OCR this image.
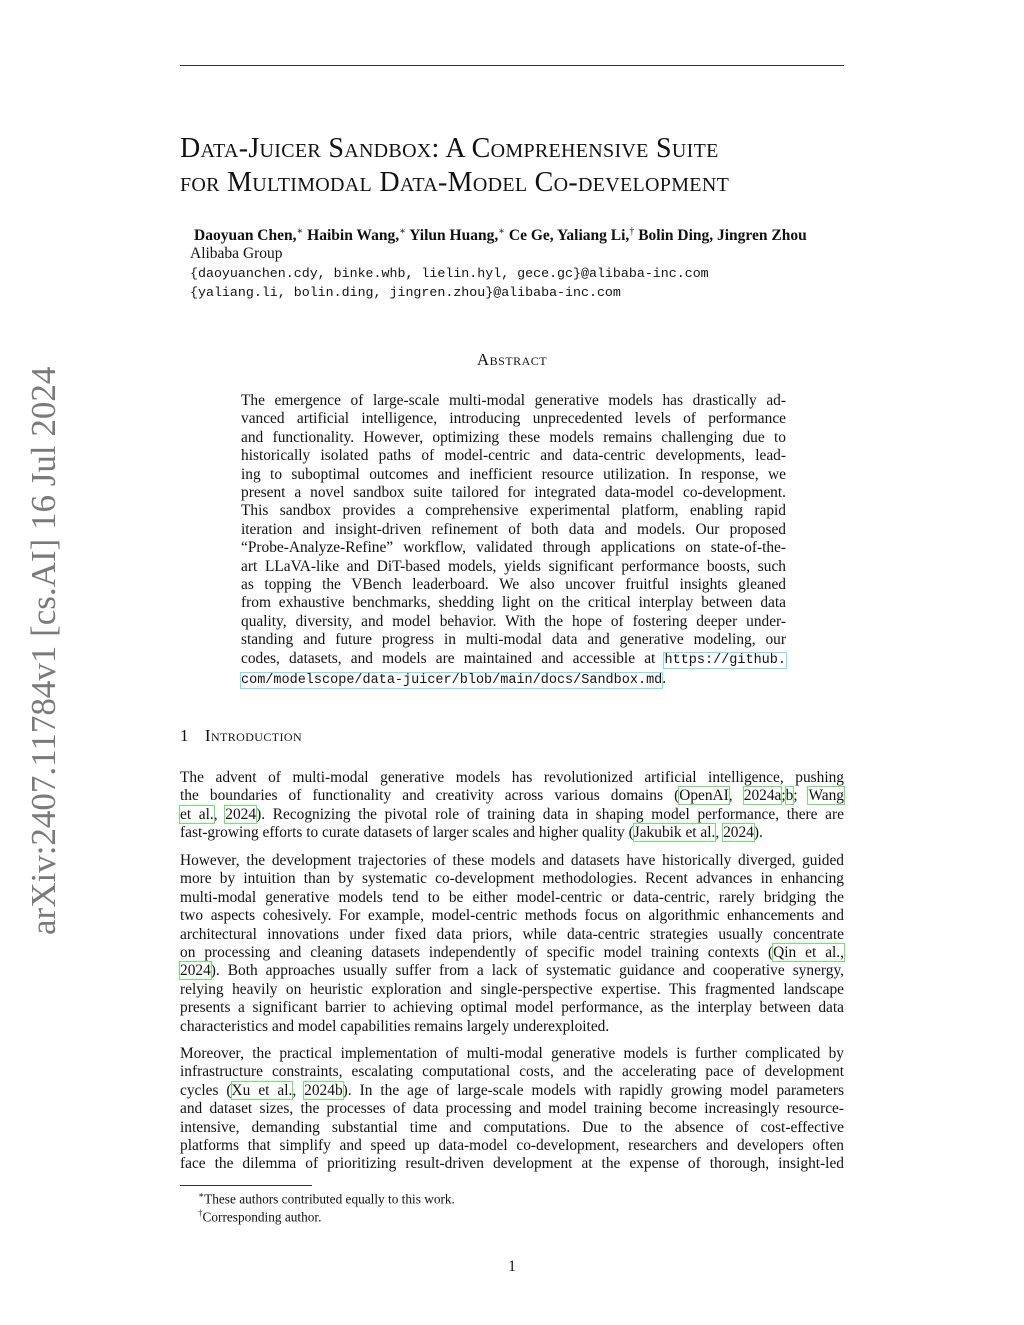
arXiv:2407.11784v1 [cs.AI] 16 Jul 2024
Data-Juicer Sandbox: A Comprehensive Suite
for Multimodal Data-Model Co-development
Daoyuan Chen,∗ Haibin Wang,∗ Yilun Huang,∗ Ce Ge, Yaliang Li,† Bolin Ding, Jingren Zhou
Alibaba Group
{daoyuanchen.cdy, binke.whb, lielin.hyl, gece.gc}@alibaba-inc.com
{yaliang.li, bolin.ding, jingren.zhou}@alibaba-inc.com
Abstract
The emergence of large-scale multi-modal generative models has drastically ad-
vanced artificial intelligence, introducing unprecedented levels of performance
and functionality. However, optimizing these models remains challenging due to
historically isolated paths of model-centric and data-centric developments, lead-
ing to suboptimal outcomes and inefficient resource utilization. In response, we
present a novel sandbox suite tailored for integrated data-model co-development.
This sandbox provides a comprehensive experimental platform, enabling rapid
iteration and insight-driven refinement of both data and models. Our proposed
“Probe-Analyze-Refine” workflow, validated through applications on state-of-the-
art LLaVA-like and DiT-based models, yields significant performance boosts, such
as topping the VBench leaderboard. We also uncover fruitful insights gleaned
from exhaustive benchmarks, shedding light on the critical interplay between data
quality, diversity, and model behavior. With the hope of fostering deeper under-
standing and future progress in multi-modal data and generative modeling, our
codes, datasets, and models are maintained and accessible at https://github.
com/modelscope/data-juicer/blob/main/docs/Sandbox.md.
1 Introduction
The advent of multi-modal generative models has revolutionized artificial intelligence, pushing
the boundaries of functionality and creativity across various domains (OpenAI, 2024a;b; Wang
et al., 2024). Recognizing the pivotal role of training data in shaping model performance, there are
fast-growing efforts to curate datasets of larger scales and higher quality (Jakubik et al., 2024).
However, the development trajectories of these models and datasets have historically diverged, guided
more by intuition than by systematic co-development methodologies. Recent advances in enhancing
multi-modal generative models tend to be either model-centric or data-centric, rarely bridging the
two aspects cohesively. For example, model-centric methods focus on algorithmic enhancements and
architectural innovations under fixed data priors, while data-centric strategies usually concentrate
on processing and cleaning datasets independently of specific model training contexts (Qin et al.,
2024). Both approaches usually suffer from a lack of systematic guidance and cooperative synergy,
relying heavily on heuristic exploration and single-perspective expertise. This fragmented landscape
presents a significant barrier to achieving optimal model performance, as the interplay between data
characteristics and model capabilities remains largely underexploited.
Moreover, the practical implementation of multi-modal generative models is further complicated by
infrastructure constraints, escalating computational costs, and the accelerating pace of development
cycles (Xu et al., 2024b). In the age of large-scale models with rapidly growing model parameters
and dataset sizes, the processes of data processing and model training become increasingly resource-
intensive, demanding substantial time and computations. Due to the absence of cost-effective
platforms that simplify and speed up data-model co-development, researchers and developers often
face the dilemma of prioritizing result-driven development at the expense of thorough, insight-led
∗These authors contributed equally to this work.
†Corresponding author.
1
